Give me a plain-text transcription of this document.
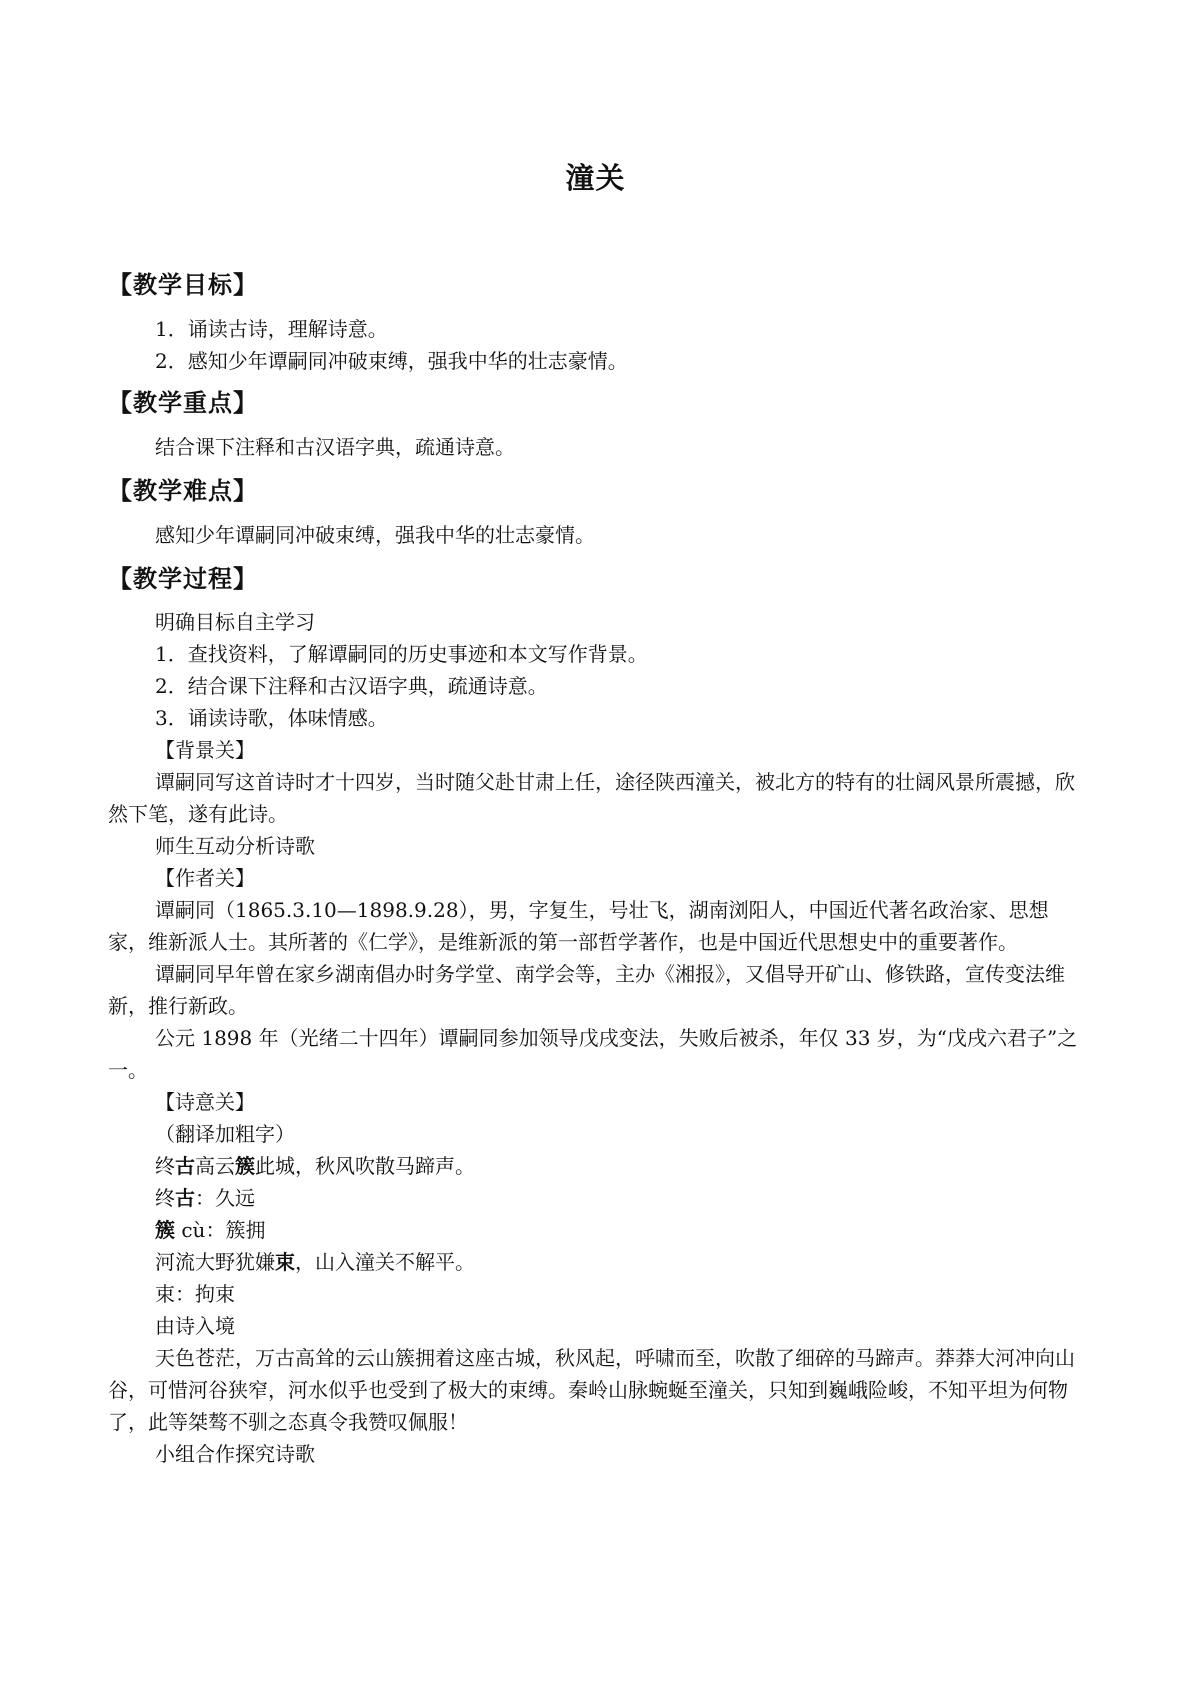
潼关
【教学目标】

1．诵读古诗，理解诗意。

2．感知少年谭嗣同冲破束缚，强我中华的壮志豪情。

【教学重点】

结合课下注释和古汉语字典，疏通诗意。

【教学难点】

感知少年谭嗣同冲破束缚，强我中华的壮志豪情。

【教学过程】

明确目标自主学习

1．查找资料，了解谭嗣同的历史事迹和本文写作背景。

2．结合课下注释和古汉语字典，疏通诗意。

3．诵读诗歌，体味情感。

【背景关】

谭嗣同写这首诗时才十四岁，当时随父赴甘肃上任，途径陕西潼关，被北方的特有的壮阔风景所震撼，欣然下笔，遂有此诗。

师生互动分析诗歌

【作者关】

谭嗣同（1865.3.10—1898.9.28），男，字复生，号壮飞，湖南浏阳人，中国近代著名政治家、思想家，维新派人士。其所著的《仁学》，是维新派的第一部哲学著作，也是中国近代思想史中的重要著作。

谭嗣同早年曾在家乡湖南倡办时务学堂、南学会等，主办《湘报》，又倡导开矿山、修铁路，宣传变法维新，推行新政。

公元 1898 年（光绪二十四年）谭嗣同参加领导戊戌变法，失败后被杀，年仅 33 岁，为“戊戌六君子”之一。

【诗意关】

（翻译加粗字）

终古高云簇此城，秋风吹散马蹄声。

终古：久远

簇 cù：簇拥

河流大野犹嫌束，山入潼关不解平。

束：拘束

由诗入境

天色苍茫，万古高耸的云山簇拥着这座古城，秋风起，呼啸而至，吹散了细碎的马蹄声。莽莽大河冲向山谷，可惜河谷狭窄，河水似乎也受到了极大的束缚。秦岭山脉蜿蜒至潼关，只知到巍峨险峻，不知平坦为何物了，此等桀骜不驯之态真令我赞叹佩服！

小组合作探究诗歌
